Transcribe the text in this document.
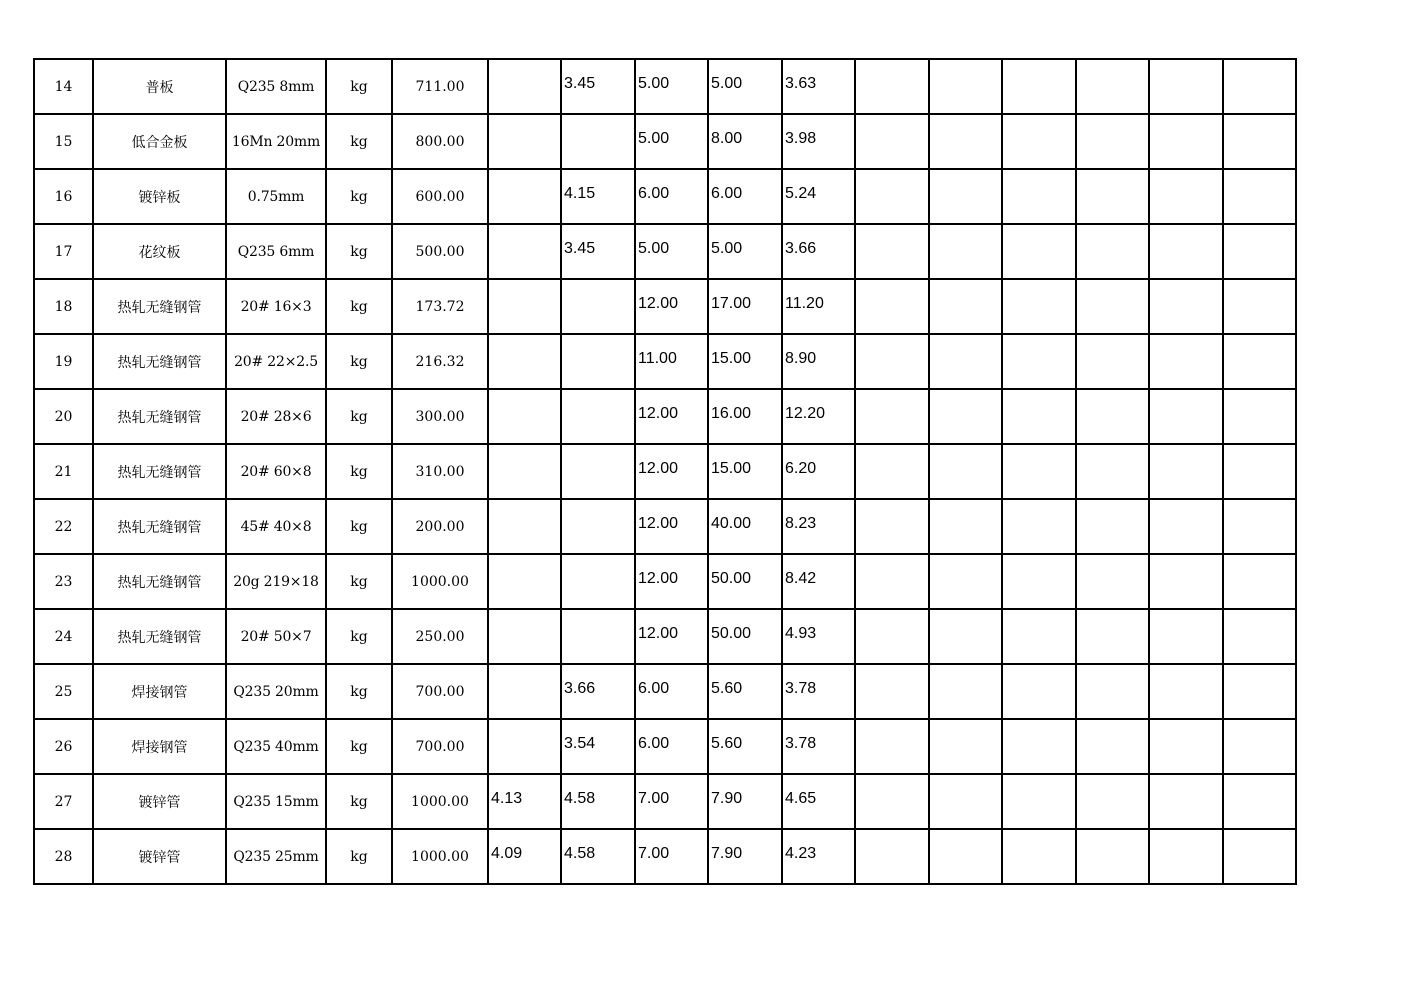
14	普板	Q235 8mm	kg	711.00		3.45	5.00	5.00	3.63						
15	低合金板	16Mn 20mm	kg	800.00			5.00	8.00	3.98						
16	镀锌板	0.75mm	kg	600.00		4.15	6.00	6.00	5.24						
17	花纹板	Q235 6mm	kg	500.00		3.45	5.00	5.00	3.66						
18	热轧无缝钢管	20# 16×3	kg	173.72			12.00	17.00	11.20						
19	热轧无缝钢管	20# 22×2.5	kg	216.32			11.00	15.00	8.90						
20	热轧无缝钢管	20# 28×6	kg	300.00			12.00	16.00	12.20						
21	热轧无缝钢管	20# 60×8	kg	310.00			12.00	15.00	6.20						
22	热轧无缝钢管	45# 40×8	kg	200.00			12.00	40.00	8.23						
23	热轧无缝钢管	20g 219×18	kg	1000.00			12.00	50.00	8.42						
24	热轧无缝钢管	20# 50×7	kg	250.00			12.00	50.00	4.93						
25	焊接钢管	Q235 20mm	kg	700.00		3.66	6.00	5.60	3.78						
26	焊接钢管	Q235 40mm	kg	700.00		3.54	6.00	5.60	3.78						
27	镀锌管	Q235 15mm	kg	1000.00	4.13	4.58	7.00	7.90	4.65						
28	镀锌管	Q235 25mm	kg	1000.00	4.09	4.58	7.00	7.90	4.23						
